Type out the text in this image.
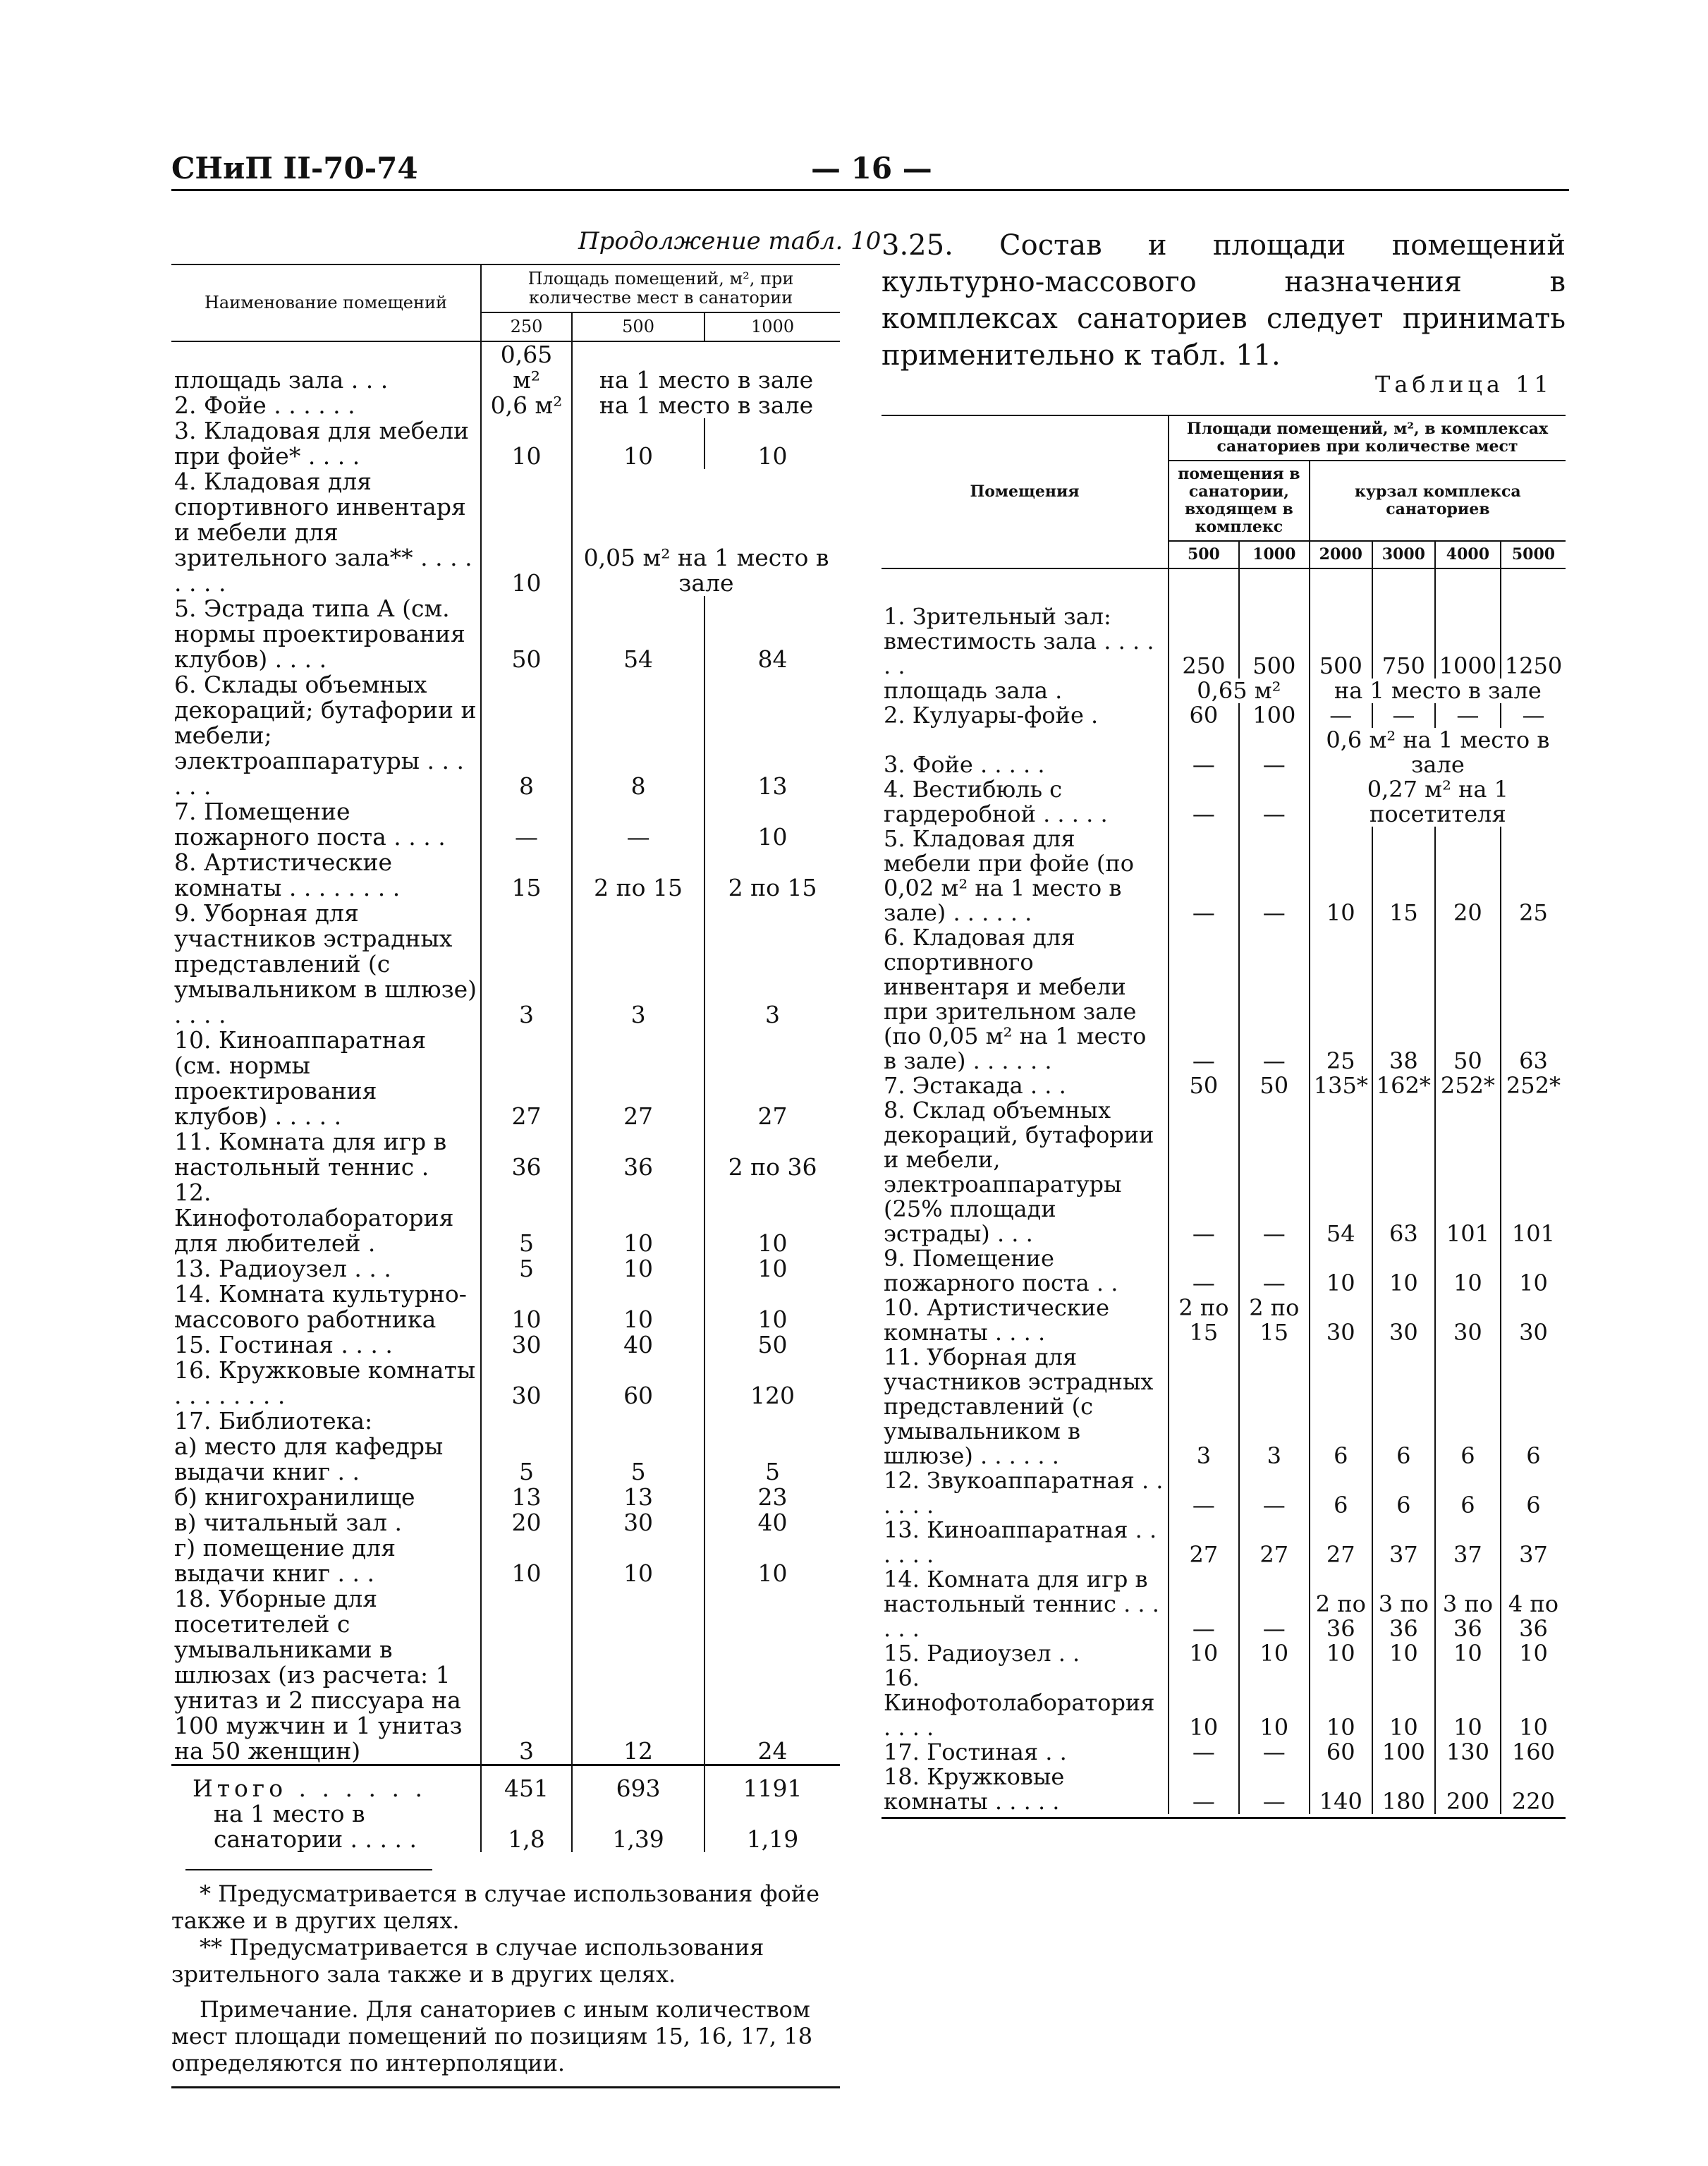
СНиП II-70-74	— 16 —
Продолжение табл. 10
Наименование помещений	Площадь помещений, м², при количестве мест в санатории		
	250	500	1000
площадь зала . . .	0,65 м²	на 1 место в зале	
2. Фойе . . . . . .	0,6 м²	на 1 место в зале	
3. Кладовая для мебели при фойе* . . . .	10	10	10
4. Кладовая для спортивного инвентаря и мебели для зрительного зала** . . . . . . . .	10	0,05 м² на 1 место в зале	
5. Эстрада типа А (см. нормы проектирования клубов) . . . .	50	54	84
6. Склады объемных декораций; бутафории и мебели; электроаппаратуры . . . . . .	8	8	13
7. Помещение пожарного поста . . . .	—	—	10
8. Артистические комнаты . . . . . . . .	15	2 по 15	2 по 15
9. Уборная для участников эстрадных представлений (с умывальником в шлюзе) . . . .	3	3	3
10. Киноаппаратная (см. нормы проектирования клубов) . . . . .	27	27	27
11. Комната для игр в настольный теннис .	36	36	2 по 36
12. Кинофотолаборатория для любителей .	5	10	10
13. Радиоузел . . .	5	10	10
14. Комната культурно-массового работника	10	10	10
15. Гостиная . . . .	30	40	50
16. Кружковые комнаты . . . . . . . .	30	60	120
17. Библиотека:			
а) место для кафедры выдачи книг . .	5	5	5
б) книгохранилище	13	13	23
в) читальный зал .	20	30	40
г) помещение для выдачи книг . . .	10	10	10
18. Уборные для посетителей с умывальниками в шлюзах (из расчета: 1 унитаз и 2 писсуара на 100 мужчин и 1 унитаз на 50 женщин)	3	12	24
Итого . . . . . .	451	693	1191
на 1 место в санатории . . . . .	1,8	1,39	1,19
* Предусматривается в случае использования фойе также и в других целях.
** Предусматривается в случае использования зрительного зала также и в других целях.
Примечание. Для санаториев с иным количеством мест площади помещений по позициям 15, 16, 17, 18 определяются по интерполяции.
3.25. Состав и площади помещений культурно-массового назначения в комплексах санаториев следует принимать применительно к табл. 11.
Таблица 11
Помещения	Площади помещений, м², в комплексах санаториев при количестве мест					
	помещения в санатории, входящем в комплекс		курзал комплекса санаториев			
	500	1000	2000	3000	4000	5000

1. Зрительный зал:						
вместимость зала . . . . . .	250	500	500	750	1000	1250
площадь зала .	0,65 м²		на 1 место в зале			
2. Кулуары-фойе .	60	100	—	—	—	—
3. Фойе . . . . .	—	—	0,6 м² на 1 место в зале			
4. Вестибюль с гардеробной . . . . .	—	—	0,27 м² на 1 посетителя			
5. Кладовая для мебели при фойе (по 0,02 м² на 1 место в зале) . . . . . .	—	—	10	15	20	25
6. Кладовая для спортивного инвентаря и мебели при зрительном зале (по 0,05 м² на 1 место в зале) . . . . . .	—	—	25	38	50	63
7. Эстакада . . .	50	50	135*	162*	252*	252*
8. Склад объемных декораций, бутафории и мебели, электроаппаратуры (25% площади эстрады) . . .	—	—	54	63	101	101
9. Помещение пожарного поста . .	—	—	10	10	10	10
10. Артистические комнаты . . . .	2 по 15	2 по 15	30	30	30	30
11. Уборная для участников эстрадных представлений (с умывальником в шлюзе) . . . . . .	3	3	6	6	6	6
12. Звукоаппаратная . . . . . .	—	—	6	6	6	6
13. Киноаппаратная . . . . . .	27	27	27	37	37	37
14. Комната для игр в настольный теннис . . . . . .	—	—	2 по 36	3 по 36	3 по 36	4 по 36
15. Радиоузел . .	10	10	10	10	10	10
16. Кинофотолаборатория . . . .	10	10	10	10	10	10
17. Гостиная . .	—	—	60	100	130	160
18. Кружковые комнаты . . . . .	—	—	140	180	200	220
